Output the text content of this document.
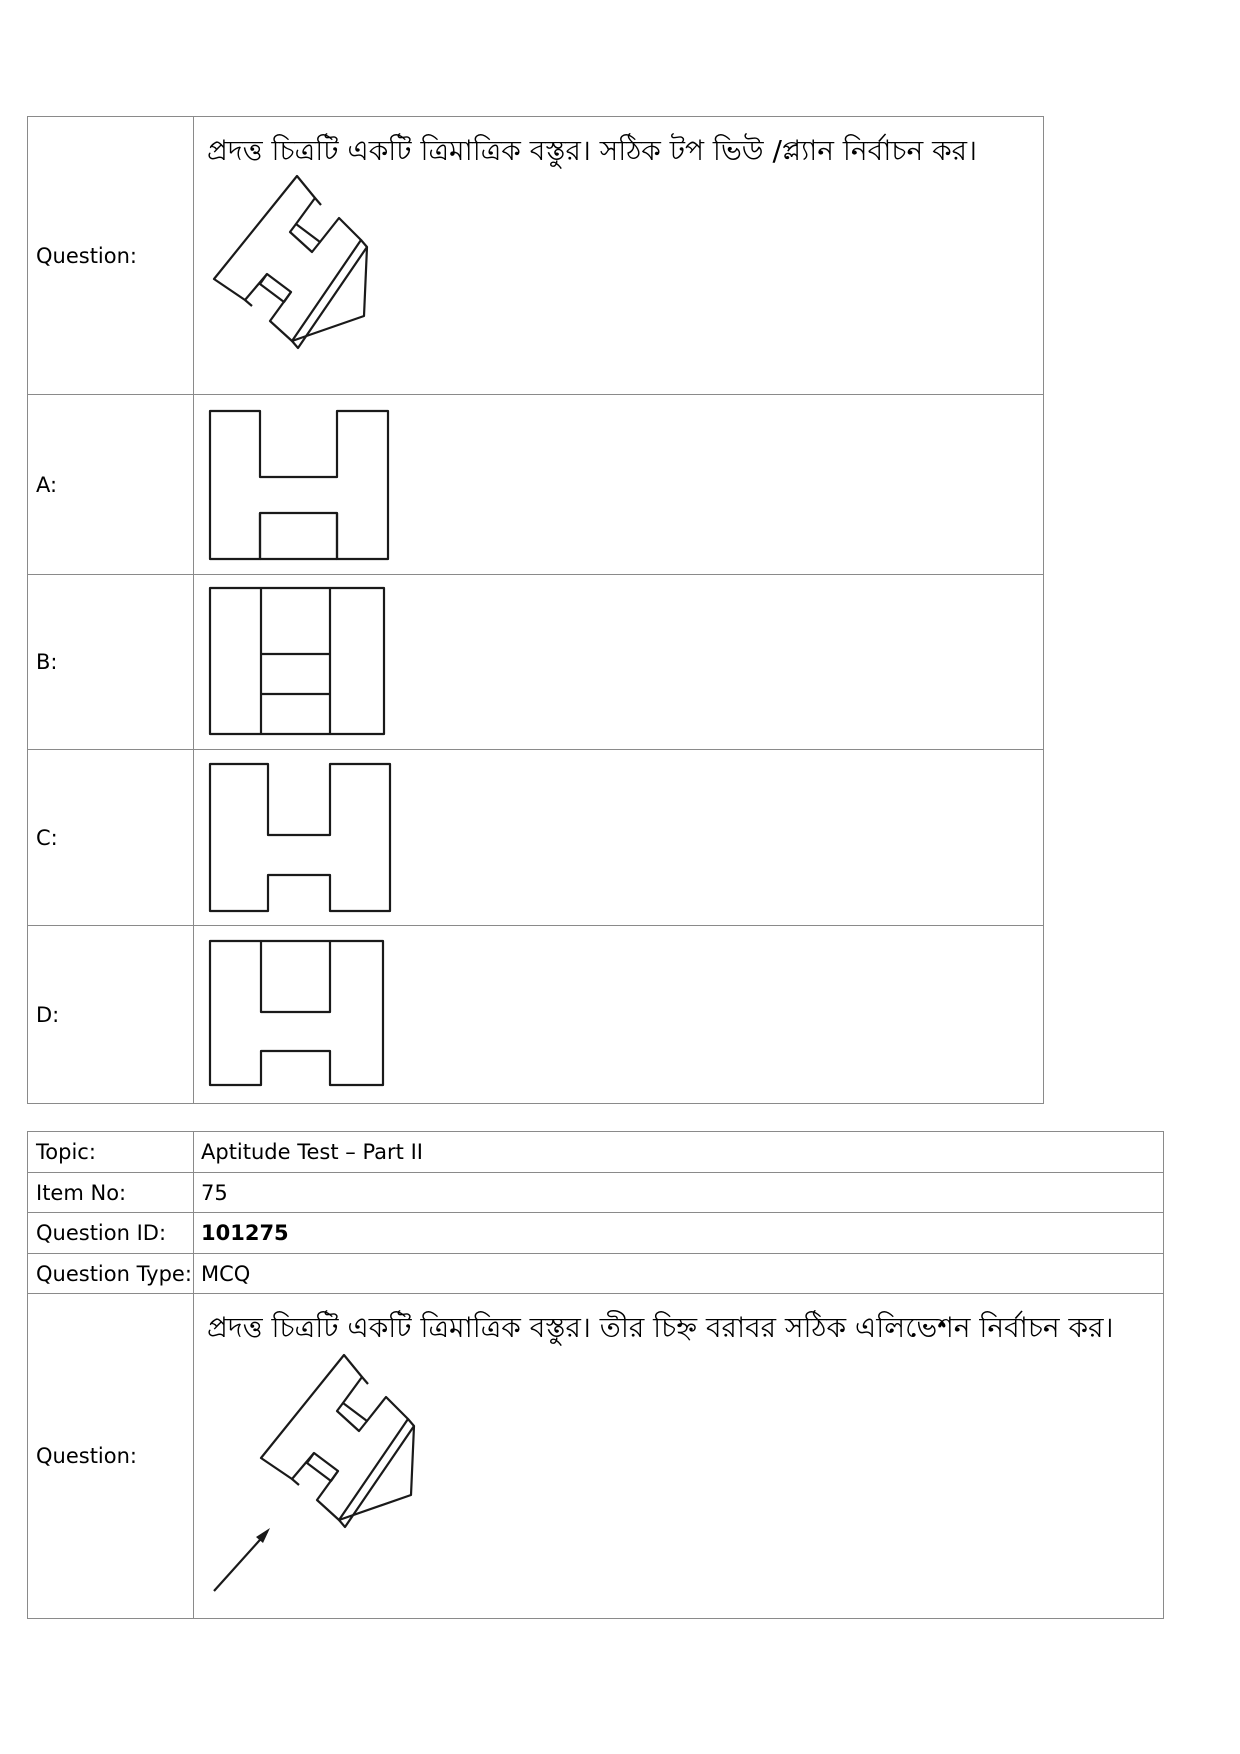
Question:	প্রদত্ত চিত্রটি একটি ত্রিমাত্রিক বস্তুর। সঠিক টপ ভিউ /প্ল্যান নির্বাচন কর।

A:	

B:	

C:	

D:	
Topic:	Aptitude Test – Part II
Item No:	75
Question ID:	101275
Question Type:	MCQ
Question:	প্রদত্ত চিত্রটি একটি ত্রিমাত্রিক বস্তুর। তীর চিহ্ন বরাবর সঠিক এলিভেশন নির্বাচন কর।
